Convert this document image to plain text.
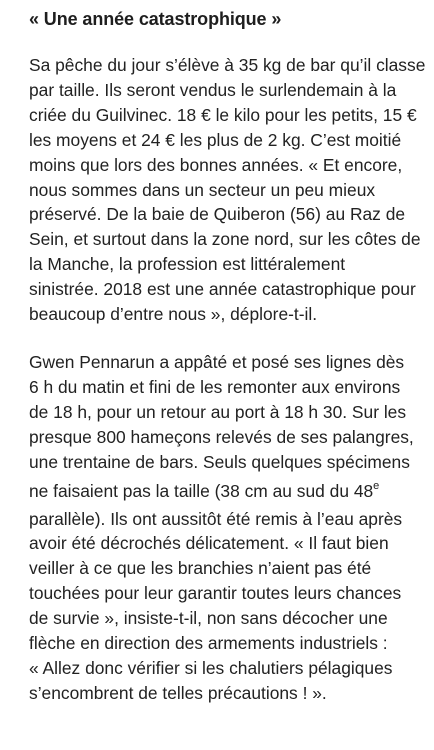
« Une année catastrophique »

Sa pêche du jour s’élève à 35 kg de bar qu’il classe
par taille. Ils seront vendus le surlendemain à la
criée du Guilvinec. 18 € le kilo pour les petits, 15 €
les moyens et 24 € les plus de 2 kg. C’est moitié
moins que lors des bonnes années. « Et encore,
nous sommes dans un secteur un peu mieux
préservé. De la baie de Quiberon (56) au Raz de
Sein, et surtout dans la zone nord, sur les côtes de
la Manche, la profession est littéralement
sinistrée. 2018 est une année catastrophique pour
beaucoup d’entre nous », déplore-t-il.

Gwen Pennarun a appâté et posé ses lignes dès
6 h du matin et fini de les remonter aux environs
de 18 h, pour un retour au port à 18 h 30. Sur les
presque 800 hameçons relevés de ses palangres,
une trentaine de bars. Seuls quelques spécimens
ne faisaient pas la taille (38 cm au sud du 48e
parallèle). Ils ont aussitôt été remis à l’eau après
avoir été décrochés délicatement. « Il faut bien
veiller à ce que les branchies n’aient pas été
touchées pour leur garantir toutes leurs chances
de survie », insiste-t-il, non sans décocher une
flèche en direction des armements industriels :
« Allez donc vérifier si les chalutiers pélagiques
s’encombrent de telles précautions ! ».
